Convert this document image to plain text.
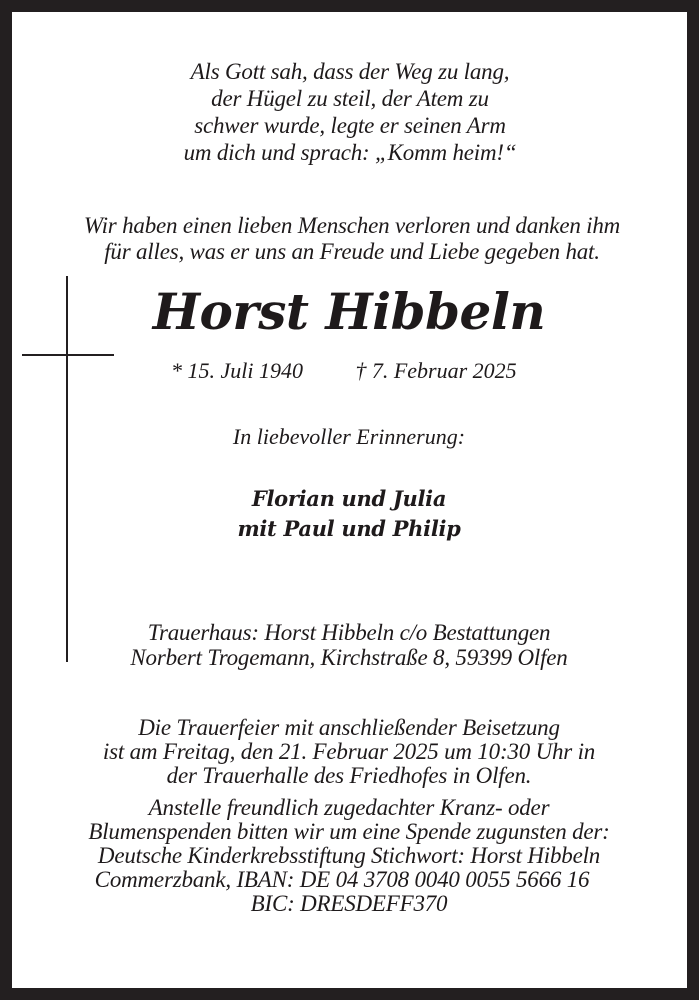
Als Gott sah, dass der Weg zu lang,
der Hügel zu steil, der Atem zu
schwer wurde, legte er seinen Arm
um dich und sprach: „Komm heim!“
Wir haben einen lieben Menschen verloren und danken ihm
für alles, was er uns an Freude und Liebe gegeben hat.
Horst Hibbeln
* 15. Juli 1940 † 7. Februar 2025
In liebevoller Erinnerung:
Florian und Julia
mit Paul und Philip
Trauerhaus: Horst Hibbeln c/o Bestattungen
Norbert Trogemann, Kirchstraße 8, 59399 Olfen
Die Trauerfeier mit anschließender Beisetzung
ist am Freitag, den 21. Februar 2025 um 10:30 Uhr in
der Trauerhalle des Friedhofes in Olfen.
Anstelle freundlich zugedachter Kranz- oder
Blumenspenden bitten wir um eine Spende zugunsten der:
Deutsche Kinderkrebsstiftung Stichwort: Horst Hibbeln
Commerzbank, IBAN: DE 04 3708 0040 0055 5666 16
BIC: DRESDEFF370
